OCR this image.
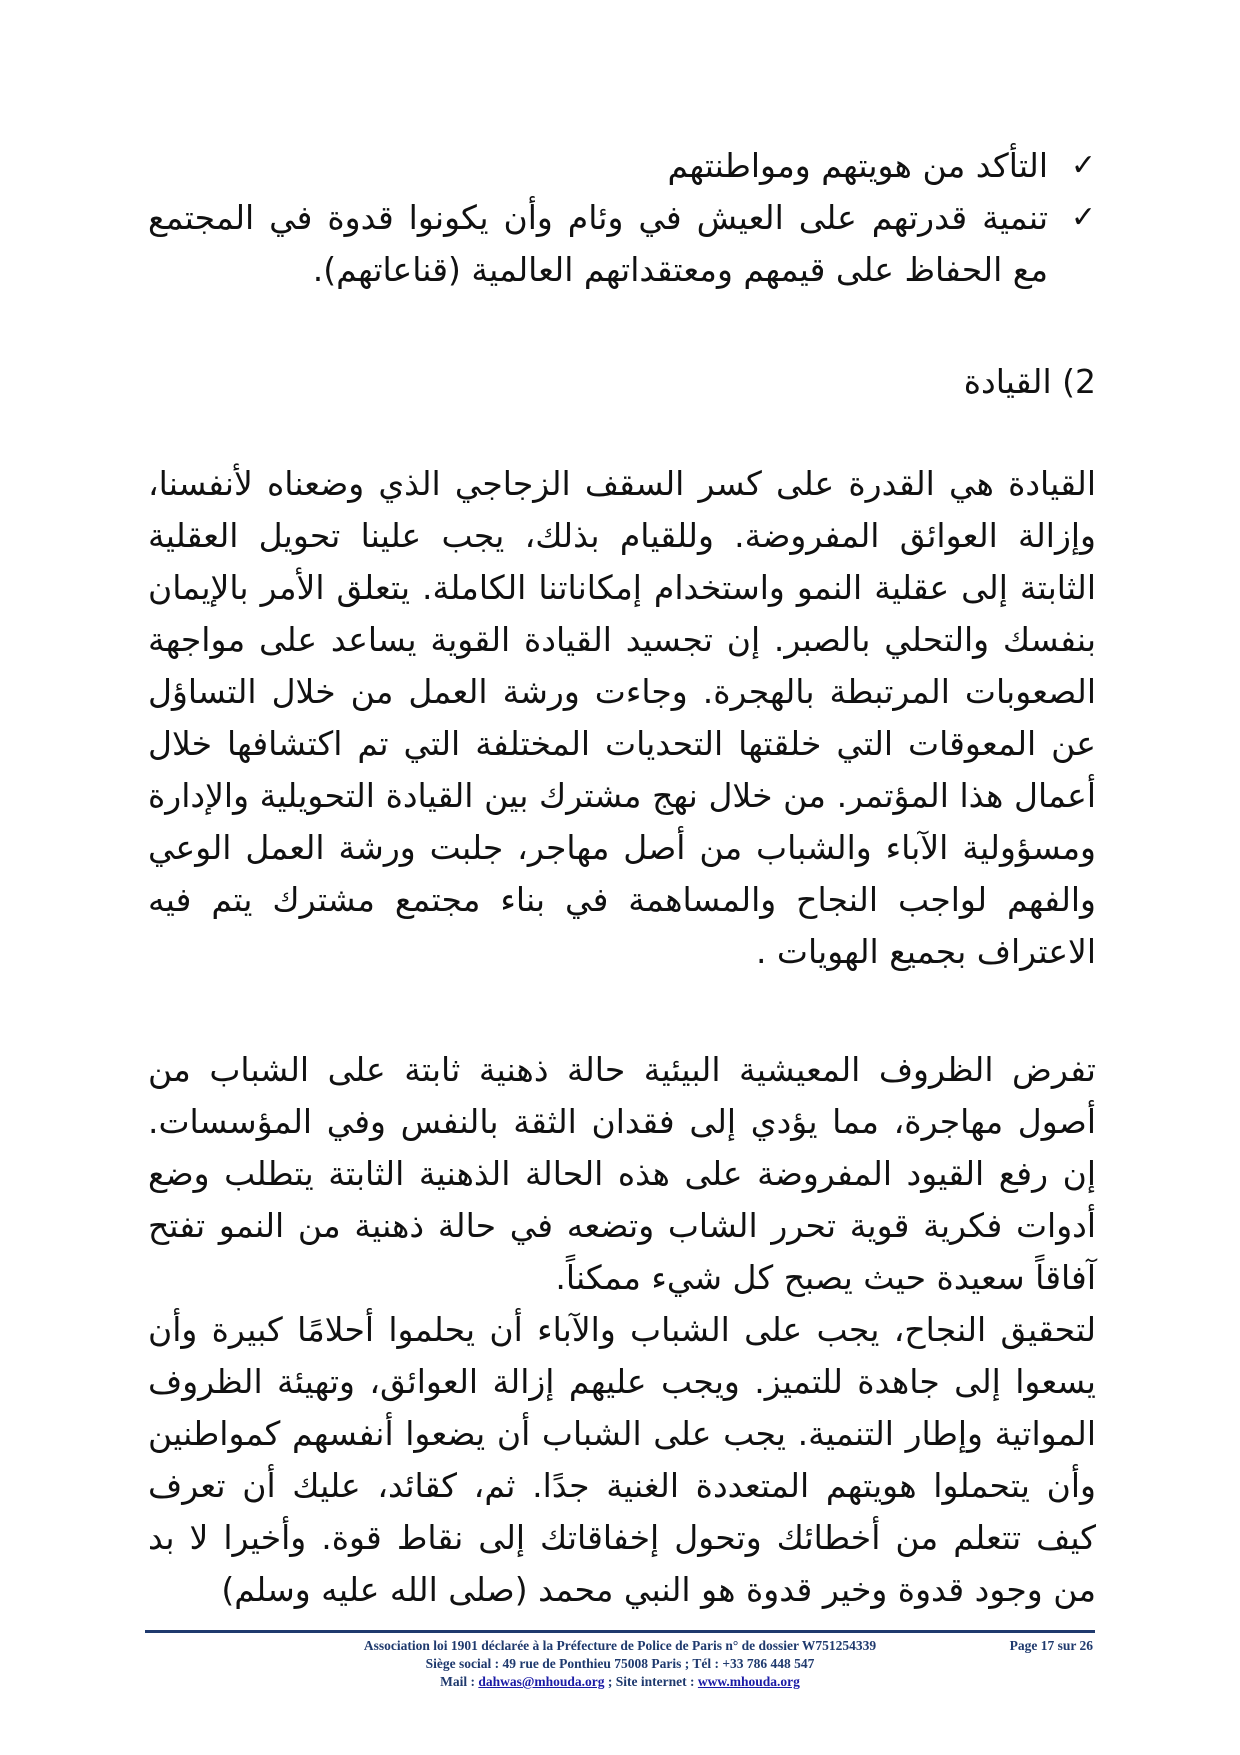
✓
التأكد من هويتهم ومواطنتهم
✓
تنمية قدرتهم على العيش في وئام وأن يكونوا قدوة في المجتمع مع الحفاظ على قيمهم ومعتقداتهم العالمية (قناعاتهم).
2) القيادة

القيادة هي القدرة على كسر السقف الزجاجي الذي وضعناه لأنفسنا، وإزالة العوائق المفروضة. وللقيام بذلك، يجب علينا تحويل العقلية الثابتة إلى عقلية النمو واستخدام إمكاناتنا الكاملة. يتعلق الأمر بالإيمان بنفسك والتحلي بالصبر. إن تجسيد القيادة القوية يساعد على مواجهة الصعوبات المرتبطة بالهجرة. وجاءت ورشة العمل من خلال التساؤل عن المعوقات التي خلقتها التحديات المختلفة التي تم اكتشافها خلال أعمال هذا المؤتمر. من خلال نهج مشترك بين القيادة التحويلية والإدارة ومسؤولية الآباء والشباب من أصل مهاجر، جلبت ورشة العمل الوعي والفهم لواجب النجاح والمساهمة في بناء مجتمع مشترك يتم فيه الاعتراف بجميع الهويات .

تفرض الظروف المعيشية البيئية حالة ذهنية ثابتة على الشباب من أصول مهاجرة، مما يؤدي إلى فقدان الثقة بالنفس وفي المؤسسات. إن رفع القيود المفروضة على هذه الحالة الذهنية الثابتة يتطلب وضع أدوات فكرية قوية تحرر الشاب وتضعه في حالة ذهنية من النمو تفتح آفاقاً سعيدة حيث يصبح كل شيء ممكناً.

لتحقيق النجاح، يجب على الشباب والآباء أن يحلموا أحلامًا كبيرة وأن يسعوا إلى جاهدة للتميز. ويجب عليهم إزالة العوائق، وتهيئة الظروف المواتية وإطار التنمية. يجب على الشباب أن يضعوا أنفسهم كمواطنين وأن يتحملوا هويتهم المتعددة الغنية جدًا. ثم، كقائد، عليك أن تعرف كيف تتعلم من أخطائك وتحول إخفاقاتك إلى نقاط قوة. وأخيرا لا بد من وجود قدوة وخير قدوة هو النبي محمد (صلى الله عليه وسلم)

Association loi 1901 déclarée à la Préfecture de Police de Paris n° de dossier W751254339
Siège social : 49 rue de Ponthieu 75008 Paris ; Tél : +33 786 448 547
Mail : dahwas@mhouda.org ; Site internet : www.mhouda.org
Page 17 sur 26
